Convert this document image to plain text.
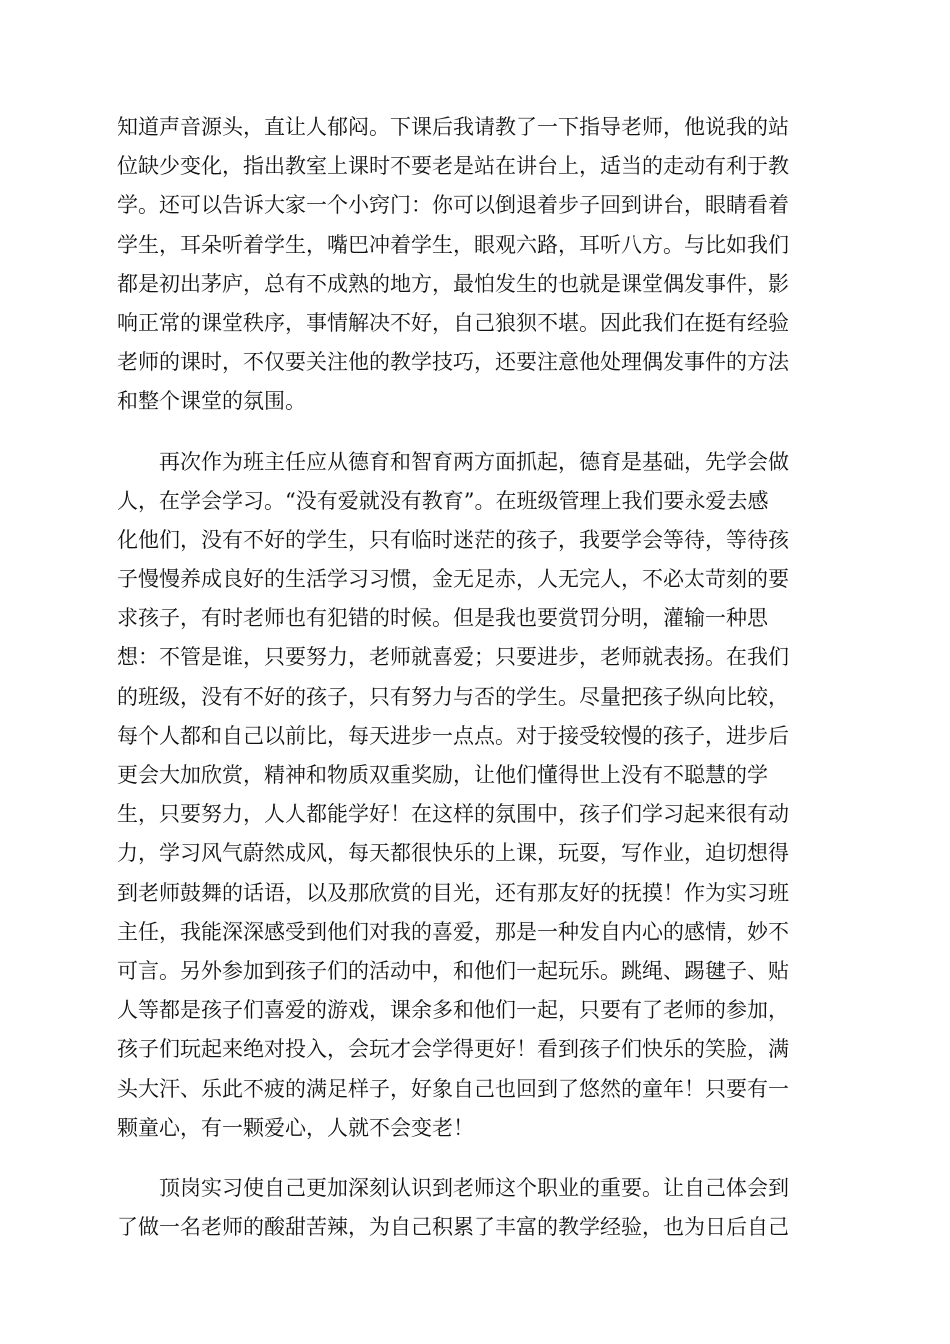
知道声音源头，直让人郁闷。下课后我请教了一下指导老师，他说我的站
位缺少变化，指出教室上课时不要老是站在讲台上，适当的走动有利于教
学。还可以告诉大家一个小窍门：你可以倒退着步子回到讲台，眼睛看着
学生，耳朵听着学生，嘴巴冲着学生，眼观六路，耳听八方。与比如我们
都是初出茅庐，总有不成熟的地方，最怕发生的也就是课堂偶发事件，影
响正常的课堂秩序，事情解决不好，自己狼狈不堪。因此我们在挺有经验
老师的课时，不仅要关注他的教学技巧，还要注意他处理偶发事件的方法
和整个课堂的氛围。

　　再次作为班主任应从德育和智育两方面抓起，德育是基础，先学会做
人，在学会学习。“没有爱就没有教育”。在班级管理上我们要永爱去感
化他们，没有不好的学生，只有临时迷茫的孩子，我要学会等待，等待孩
子慢慢养成良好的生活学习习惯，金无足赤，人无完人，不必太苛刻的要
求孩子，有时老师也有犯错的时候。但是我也要赏罚分明，灌输一种思
想：不管是谁，只要努力，老师就喜爱；只要进步，老师就表扬。在我们
的班级，没有不好的孩子，只有努力与否的学生。尽量把孩子纵向比较，
每个人都和自己以前比，每天进步一点点。对于接受较慢的孩子，进步后
更会大加欣赏，精神和物质双重奖励，让他们懂得世上没有不聪慧的学
生，只要努力，人人都能学好！在这样的氛围中，孩子们学习起来很有动
力，学习风气蔚然成风，每天都很快乐的上课，玩耍，写作业，迫切想得
到老师鼓舞的话语，以及那欣赏的目光，还有那友好的抚摸！作为实习班
主任，我能深深感受到他们对我的喜爱，那是一种发自内心的感情，妙不
可言。另外参加到孩子们的活动中，和他们一起玩乐。跳绳、踢毽子、贴
人等都是孩子们喜爱的游戏，课余多和他们一起，只要有了老师的参加，
孩子们玩起来绝对投入，会玩才会学得更好！看到孩子们快乐的笑脸，满
头大汗、乐此不疲的满足样子，好象自己也回到了悠然的童年！只要有一
颗童心，有一颗爱心，人就不会变老！

　　顶岗实习使自己更加深刻认识到老师这个职业的重要。让自己体会到
了做一名老师的酸甜苦辣，为自己积累了丰富的教学经验，也为日后自己
